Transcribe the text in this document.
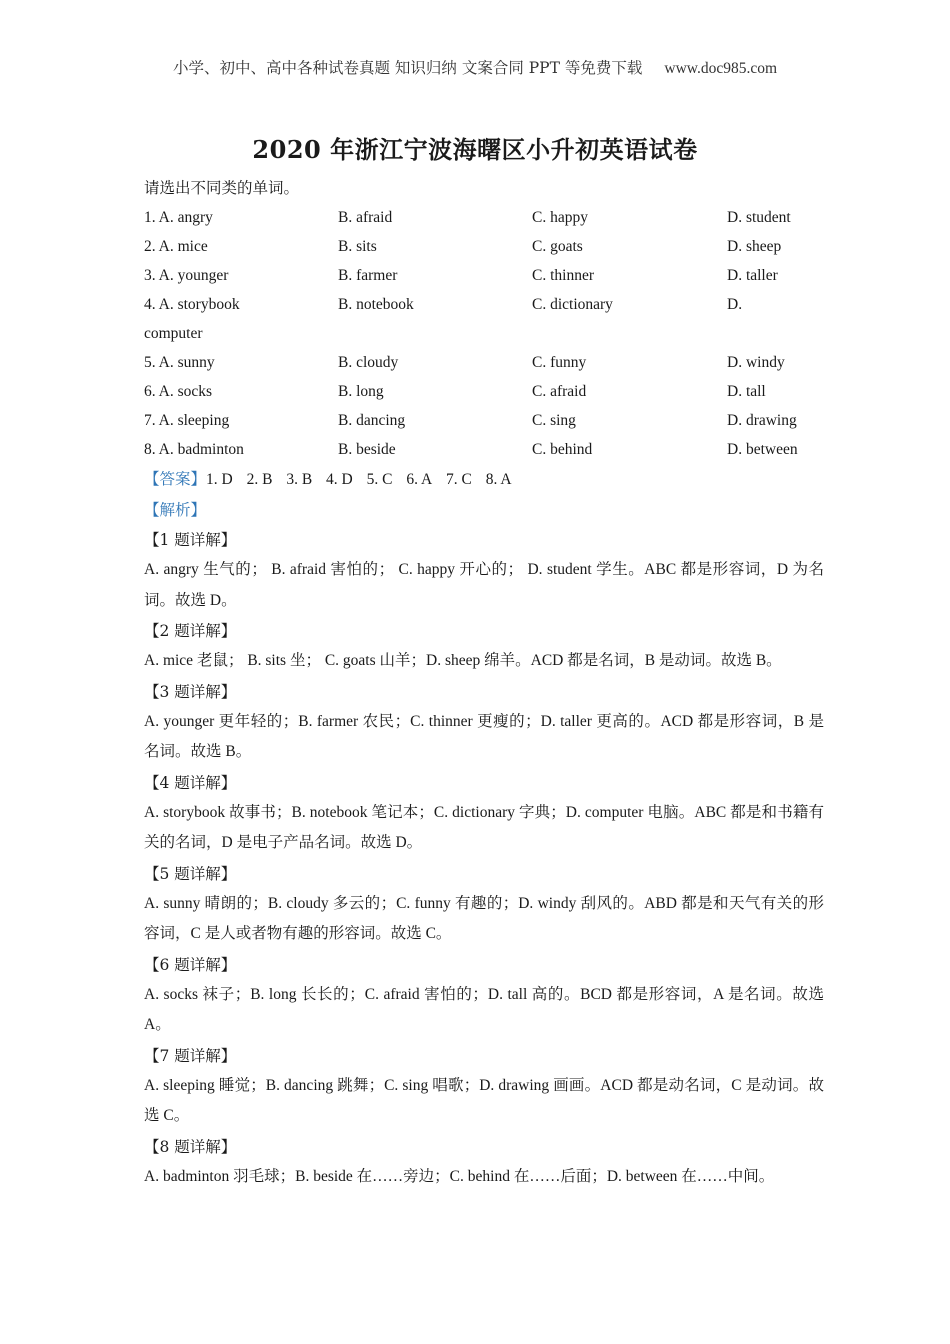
小学、初中、高中各种试卷真题 知识归纳 文案合同 PPT 等免费下载 www.doc985.com
2020 年浙江宁波海曙区小升初英语试卷
请选出不同类的单词。
1. A. angry	B. afraid	C. happy	D. student
2. A. mice	B. sits	C. goats	D. sheep
3. A. younger	B. farmer	C. thinner	D. taller
4. A. storybook	B. notebook	C. dictionary	D.
computer
5. A. sunny	B. cloudy	C. funny	D. windy
6. A. socks	B. long	C. afraid	D. tall
7. A. sleeping	B. dancing	C. sing	D. drawing
8. A. badminton	B. beside	C. behind	D. between
【答案】1. D 2. B 3. B 4. D 5. C 6. A 7. C 8. A
【解析】
【1 题详解】
A. angry 生气的； B. afraid 害怕的； C. happy 开心的； D. student 学生。ABC 都是形容词，D 为名词。故选 D。
【2 题详解】
A. mice 老鼠； B. sits 坐； C. goats 山羊；D. sheep 绵羊。ACD 都是名词，B 是动词。故选 B。
【3 题详解】
A. younger 更年轻的；B. farmer 农民；C. thinner 更瘦的；D. taller 更高的。ACD 都是形容词，B 是名词。故选 B。
【4 题详解】
A. storybook 故事书；B. notebook 笔记本；C. dictionary 字典；D. computer 电脑。ABC 都是和书籍有关的名词，D 是电子产品名词。故选 D。
【5 题详解】
A. sunny 晴朗的；B. cloudy 多云的；C. funny 有趣的；D. windy 刮风的。ABD 都是和天气有关的形容词，C 是人或者物有趣的形容词。故选 C。
【6 题详解】
A. socks 袜子；B. long 长长的；C. afraid 害怕的；D. tall 高的。BCD 都是形容词，A 是名词。故选 A。
【7 题详解】
A. sleeping 睡觉；B. dancing 跳舞；C. sing 唱歌；D. drawing 画画。ACD 都是动名词，C 是动词。故选 C。
【8 题详解】
A. badminton 羽毛球；B. beside 在……旁边；C. behind 在……后面；D. between 在……中间。
